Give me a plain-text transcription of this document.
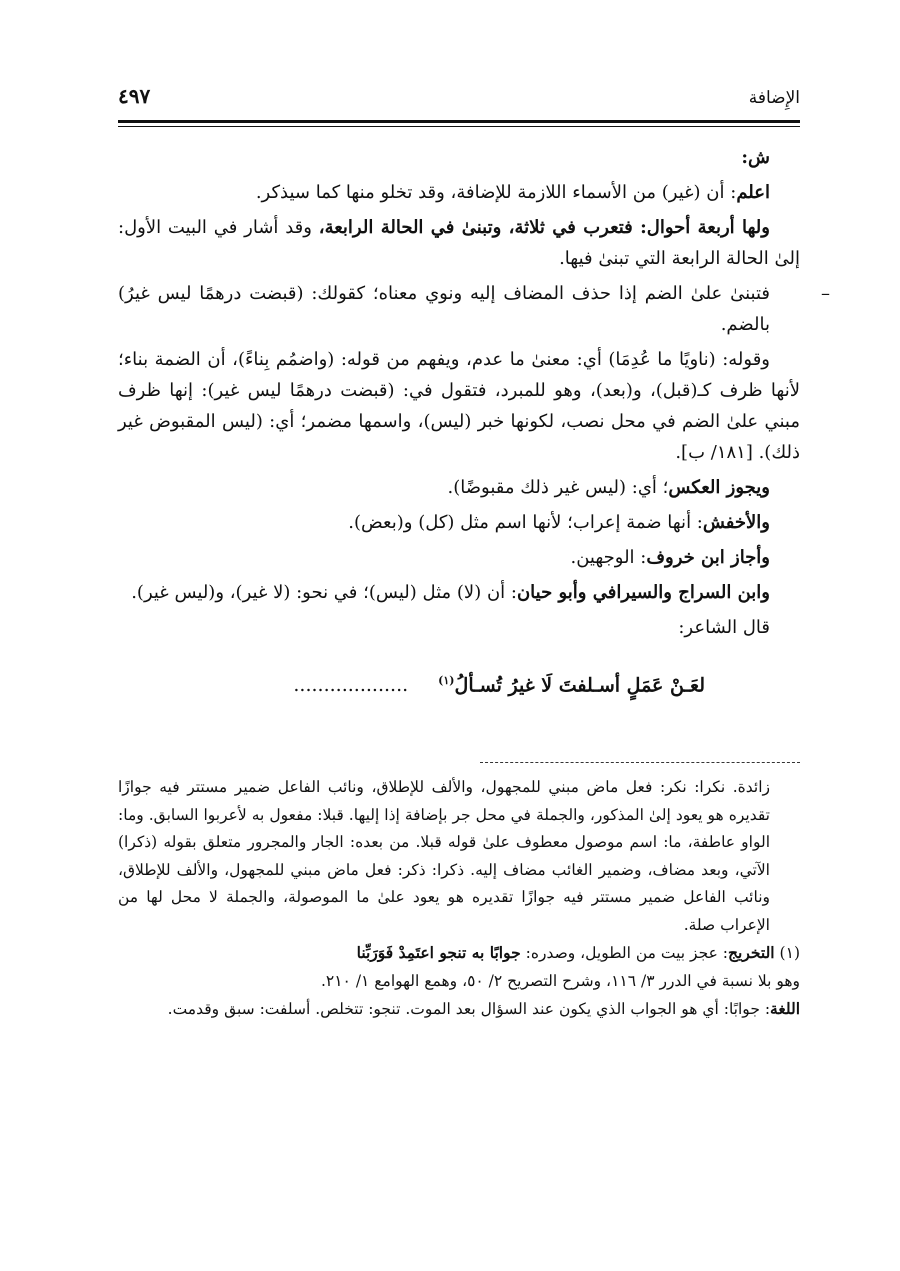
الإِضافة
٤٩٧

ش:

اعلم: أن (غير) من الأسماء اللازمة للإضافة، وقد تخلو منها كما سيذكر.

ولها أربعة أحوال: فتعرب في ثلاثة، وتبنىٰ في الحالة الرابعة، وقد أشار في البيت الأول: إلىٰ الحالة الرابعة التي تبنىٰ فيها.

–فتبنىٰ علىٰ الضم إذا حذف المضاف إليه ونوي معناه؛ كقولك: (قبضت درهمًا ليس غيرُ) بالضم.

وقوله: (ناويًا ما عُدِمَا) أي: معنىٰ ما عدم، ويفهم من قوله: (واضمُم بِناءً)، أن الضمة بناء؛ لأنها ظرف كـ(قبل)، و(بعد)، وهو للمبرد، فتقول في: (قبضت درهمًا ليس غير): إنها ظرف مبني علىٰ الضم في محل نصب، لكونها خبر (ليس)، واسمها مضمر؛ أي: (ليس المقبوض غير ذلك). [١٨١/ ب].

ويجوز العكس؛ أي: (ليس غير ذلك مقبوضًا).

والأخفش: أنها ضمة إعراب؛ لأنها اسم مثل (كل) و(بعض).

وأجاز ابن خروف: الوجهين.

وابن السراج والسيرافي وأبو حيان: أن (لا) مثل (ليس)؛ في نحو: (لا غير)، و(ليس غير).

قال الشاعر:

لعَـنْ عَمَلٍ أسـلفتَ لَا غيرُ تُسـألُ$^{(١)}$...................

زائدة. نكرا: نكر: فعل ماض مبني للمجهول، والألف للإطلاق، ونائب الفاعل ضمير مستتر فيه جوازًا تقديره هو يعود إلىٰ المذكور، والجملة في محل جر بإضافة إذا إليها. قبلا: مفعول به لأعربوا السابق. وما: الواو عاطفة، ما: اسم موصول معطوف علىٰ قوله قبلا. من بعده: الجار والمجرور متعلق بقوله (ذكرا) الآتي، وبعد مضاف، وضمير الغائب مضاف إليه. ذكرا: ذكر: فعل ماض مبني للمجهول، والألف للإطلاق، ونائب الفاعل ضمير مستتر فيه جوازًا تقديره هو يعود علىٰ ما الموصولة، والجملة لا محل لها من الإعراب صلة.

(١) التخريج: عجز بيت من الطويل، وصدره: جوابًا به تنجو اعتَمِدْ فَوَرَبِّنا

وهو بلا نسبة في الدرر ٣/ ١١٦، وشرح التصريح ٢/ ٥٠، وهمع الهوامع ١/ ٢١٠.

اللغة: جوابًا: أي هو الجواب الذي يكون عند السؤال بعد الموت. تنجو: تتخلص. أسلفت: سبق وقدمت.
